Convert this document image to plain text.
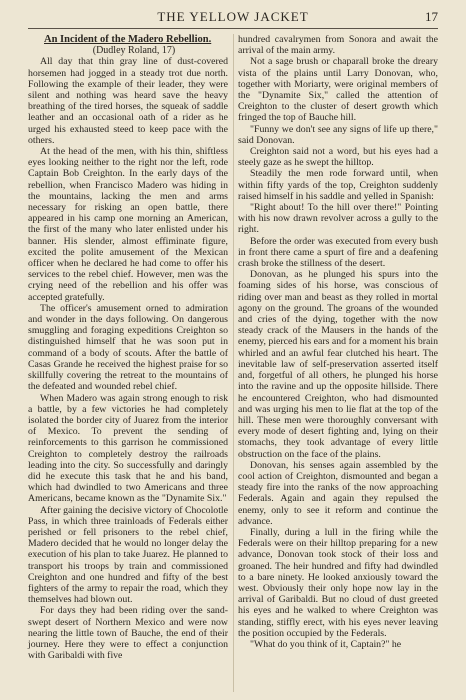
THE YELLOW JACKET	17

An Incident of the Madero Rebellion.

(Dudley Roland, 17)

All day that thin gray line of dust-covered horsemen had jogged in a steady trot due north. Following the example of their leader, they were silent and nothing was heard save the heavy breathing of the tired horses, the squeak of saddle leather and an occasional oath of a rider as he urged his exhausted steed to keep pace with the others.

At the head of the men, with his thin, shiftless eyes looking neither to the right nor the left, rode Captain Bob Creighton. In the early days of the rebellion, when Francisco Madero was hiding in the mountains, lacking the men and arms necessary for risking an open battle, there appeared in his camp one morning an American, the first of the many who later enlisted under his banner. His slender, almost effiminate figure, excited the polite amusement of the Mexican officer when he declared he had come to offer his services to the rebel chief. However, men was the crying need of the rebellion and his offer was accepted gratefully.

The officer's amusement orned to admiration and wonder in the days following. On dangerous smuggling and foraging expeditions Creighton so distinguished himself that he was soon put in command of a body of scouts. After the battle of Casas Grande he received the highest praise for so skillfully covering the retreat to the mountains of the defeated and wounded rebel chief.

When Madero was again strong enough to risk a battle, by a few victories he had completely isolated the border city of Juarez from the interior of Mexico. To prevent the sending of reinforcements to this garrison he commissioned Creighton to completely destroy the railroads leading into the city. So successfully and daringly did he execute this task that he and his band, which had dwindled to two Americans and three Americans, became known as the "Dynamite Six."

After gaining the decisive victory of Chocolotle Pass, in which three trainloads of Federals either perished or fell prisoners to the rebel chief, Madero decided that he would no longer delay the execution of his plan to take Juarez. He planned to transport his troops by train and commissioned Creighton and one hundred and fifty of the best fighters of the army to repair the road, which they themselves had blown out.

For days they had been riding over the sand-swept desert of Northern Mexico and were now nearing the little town of Bauche, the end of their journey. Here they were to effect a conjunction with Garibaldi with five

hundred cavalrymen from Sonora and await the arrival of the main army.

Not a sage brush or chaparall broke the dreary vista of the plains until Larry Donovan, who, together with Moriarty, were original members of the "Dynamite Six," called the attention of Creighton to the cluster of desert growth which fringed the top of Bauche hill.

"Funny we don't see any signs of life up there," said Donovan.

Creighton said not a word, but his eyes had a steely gaze as he swept the hilltop.

Steadily the men rode forward until, when within fifty yards of the top, Creighton suddenly raised himself in his saddle and yelled in Spanish:

"Right about! To the hill over there!" Pointing with his now drawn revolver across a gully to the right.

Before the order was executed from every bush in front there came a spurt of fire and a deafening crash broke the stillness of the desert.

Donovan, as he plunged his spurs into the foaming sides of his horse, was conscious of riding over man and beast as they rolled in mortal agony on the ground. The groans of the wounded and cries of the dying, together with the now steady crack of the Mausers in the hands of the enemy, pierced his ears and for a moment his brain whirled and an awful fear clutched his heart. The inevitable law of self-preservation asserted itself and, forgetful of all others, he plunged his horse into the ravine and up the opposite hillside. There he encountered Creighton, who had dismounted and was urging his men to lie flat at the top of the hill. These men were thoroughly conversant with every mode of desert fighting and, lying on their stomachs, they took advantage of every little obstruction on the face of the plains.

Donovan, his senses again assembled by the cool action of Creighton, dismounted and began a steady fire into the ranks of the now approaching Federals. Again and again they repulsed the enemy, only to see it reform and continue the advance.

Finally, during a lull in the firing while the Federals were on their hilltop preparing for a new advance, Donovan took stock of their loss and groaned. The heir hundred and fifty had dwindled to a bare ninety. He looked anxiously toward the west. Obviously their only hope now lay in the arrival of Garibaldi. But no cloud of dust greeted his eyes and he walked to where Creighton was standing, stiffly erect, with his eyes never leaving the position occupied by the Federals.

"What do you think of it, Captain?" he
